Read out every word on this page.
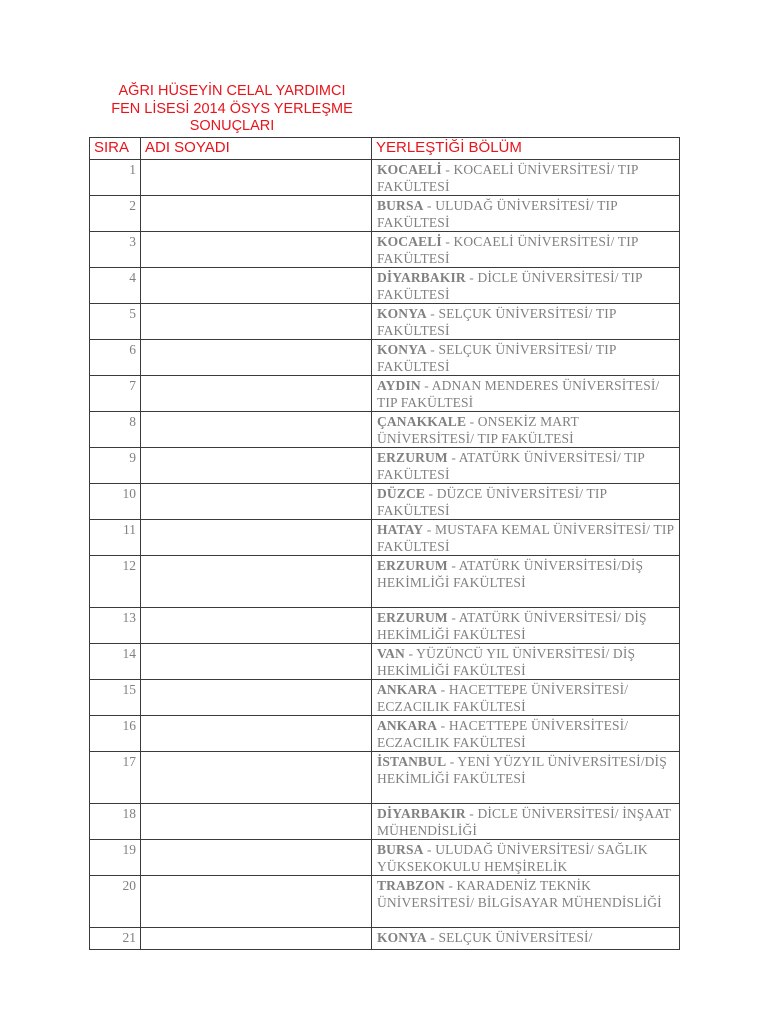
AĞRI HÜSEYİN CELAL YARDIMCI
FEN LİSESİ 2014 ÖSYS YERLEŞME
SONUÇLARI
SIRA	ADI SOYADI	YERLEŞTİĞİ BÖLÜM
1		KOCAELİ - KOCAELİ ÜNİVERSİTESİ/ TIP FAKÜLTESİ
2		BURSA - ULUDAĞ ÜNİVERSİTESİ/ TIP FAKÜLTESİ
3		KOCAELİ - KOCAELİ ÜNİVERSİTESİ/ TIP FAKÜLTESİ
4		DİYARBAKIR - DİCLE ÜNİVERSİTESİ/ TIP FAKÜLTESİ
5		KONYA - SELÇUK ÜNİVERSİTESİ/ TIP FAKÜLTESİ
6		KONYA - SELÇUK ÜNİVERSİTESİ/ TIP FAKÜLTESİ
7		AYDIN - ADNAN MENDERES ÜNİVERSİTESİ/ TIP FAKÜLTESİ
8		ÇANAKKALE - ONSEKİZ MART ÜNİVERSİTESİ/ TIP FAKÜLTESİ
9		ERZURUM - ATATÜRK ÜNİVERSİTESİ/ TIP FAKÜLTESİ
10		DÜZCE - DÜZCE ÜNİVERSİTESİ/ TIP FAKÜLTESİ
11		HATAY - MUSTAFA KEMAL ÜNİVERSİTESİ/ TIP FAKÜLTESİ
12		ERZURUM - ATATÜRK ÜNİVERSİTESİ/DİŞ HEKİMLİĞİ FAKÜLTESİ
13		ERZURUM - ATATÜRK ÜNİVERSİTESİ/ DİŞ HEKİMLİĞİ FAKÜLTESİ
14		VAN - YÜZÜNCÜ YIL ÜNİVERSİTESİ/ DİŞ HEKİMLİĞİ FAKÜLTESİ
15		ANKARA - HACETTEPE ÜNİVERSİTESİ/ ECZACILIK FAKÜLTESİ
16		ANKARA - HACETTEPE ÜNİVERSİTESİ/ ECZACILIK FAKÜLTESİ
17		İSTANBUL - YENİ YÜZYIL ÜNİVERSİTESİ/DİŞ HEKİMLİĞİ FAKÜLTESİ
18		DİYARBAKIR - DİCLE ÜNİVERSİTESİ/ İNŞAAT MÜHENDİSLİĞİ
19		BURSA - ULUDAĞ ÜNİVERSİTESİ/ SAĞLIK YÜKSEKOKULU HEMŞİRELİK
20		TRABZON - KARADENİZ TEKNİK ÜNİVERSİTESİ/ BİLGİSAYAR MÜHENDİSLİĞİ
21		KONYA - SELÇUK ÜNİVERSİTESİ/
